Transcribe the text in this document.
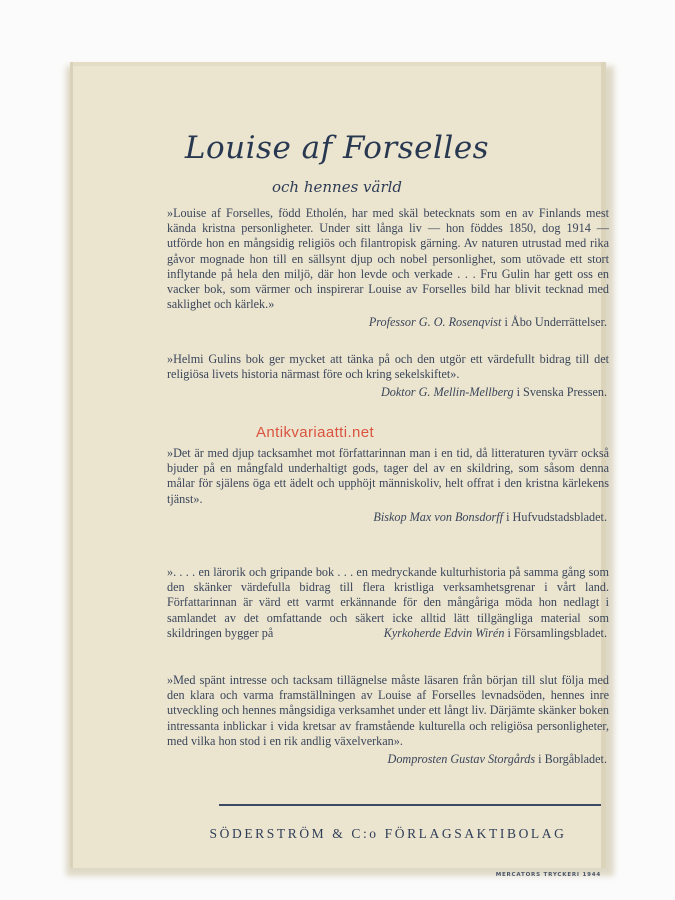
Louise af Forselles
och hennes värld

»Louise af Forselles, född Etholén, har med skäl betecknats som en av Finlands mest kända kristna personligheter. Under sitt långa liv — hon föddes 1850, dog 1914 — utförde hon en mångsidig religiös och filantropisk gärning. Av naturen utrustad med rika gåvor mognade hon till en sällsynt djup och nobel personlighet, som utövade ett stort inflytande på hela den miljö, där hon levde och verkade . . . Fru Gulin har gett oss en vacker bok, som värmer och inspirerar Louise av Forselles bild har blivit tecknad med saklighet och kärlek.»

Professor G. O. Rosenqvist i Åbo Underrättelser.

»Helmi Gulins bok ger mycket att tänka på och den utgör ett värdefullt bidrag till det religiösa livets historia närmast före och kring sekelskiftet».

Doktor G. Mellin-Mellberg i Svenska Pressen.

»Det är med djup tacksamhet mot författarinnan man i en tid, då litteraturen tyvärr också bjuder på en mångfald underhaltigt gods, tager del av en skildring, som såsom denna målar för själens öga ett ädelt och upphöjt människoliv, helt offrat i den kristna kärlekens tjänst».

Biskop Max von Bonsdorff i Hufvudstadsbladet.

». . . . en lärorik och gripande bok . . . en medryckande kulturhistoria på samma gång som den skänker värdefulla bidrag till flera kristliga verksamhetsgrenar i vårt land. Författarinnan är värd ett varmt erkännande för den mångåriga möda hon nedlagt i samlandet av det omfattande och säkert icke alltid lätt tillgängliga material som skildringen bygger på	Kyrkoherde Edvin Wirén i Församlingsbladet.

»Med spänt intresse och tacksam tillägnelse måste läsaren från början till slut följa med den klara och varma framställningen av Louise af Forselles levnadsöden, hennes inre utveckling och hennes mångsidiga verksamhet under ett långt liv. Därjämte skänker boken intressanta inblickar i vida kretsar av framstående kulturella och religiösa personligheter, med vilka hon stod i en rik andlig växelverkan».

Domprosten Gustav Storgårds i Borgåbladet.
SÖDERSTRÖM & C:o FÖRLAGSAKTIBOLAG
MERCATORS TRYCKERI 1944
Antikvariaatti.net
